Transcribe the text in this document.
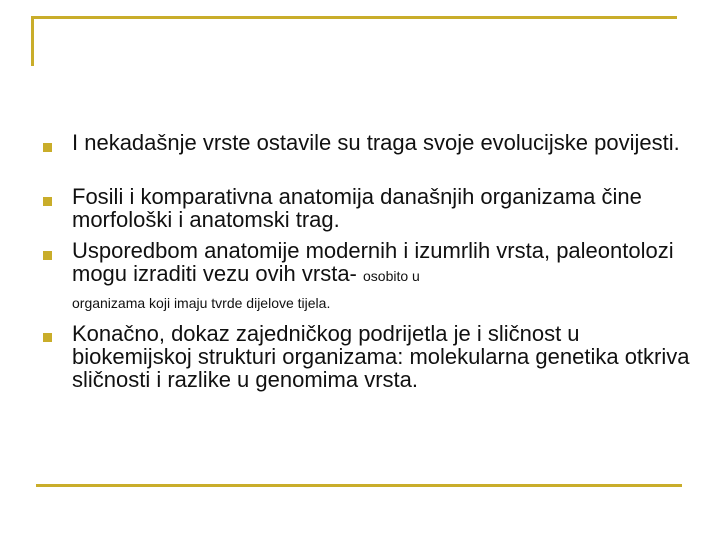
I nekadašnje vrste ostavile su traga svoje evolucijske povijesti.
Fosili i komparativna anatomija današnjih organizama čine morfološki i anatomski trag.
Usporedbom anatomije modernih i izumrlih vrsta, paleontolozi mogu izraditi vezu ovih vrsta- osobito u
organizama koji imaju tvrde dijelove tijela.
Konačno, dokaz zajedničkog podrijetla je i sličnost u biokemijskoj strukturi organizama: molekularna genetika otkriva sličnosti i razlike u genomima vrsta.
